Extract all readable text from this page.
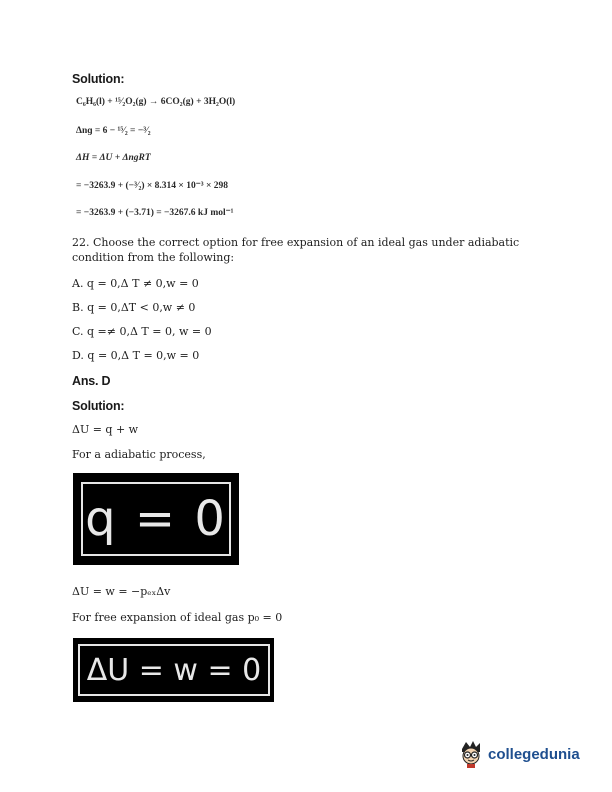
Solution:
C₆H₆(l) + ¹⁵⁄₂O₂(g) → 6CO₂(g) + 3H₂O(l)
Δnɡ = 6 − ¹⁵⁄₂ = −³⁄₂
ΔH = ΔU + ΔnɡRT
= −3263.9 + (−³⁄₂) × 8.314 × 10⁻³ × 298
= −3263.9 + (−3.71) = −3267.6 kJ mol⁻¹
22. Choose the correct option for free expansion of an ideal gas under adiabatic
condition from the following:
A. q = 0,Δ T ≠ 0,w = 0
B. q = 0,ΔT < 0,w ≠ 0
C. q =≠ 0,Δ T = 0, w = 0
D. q = 0,Δ T = 0,w = 0
Ans. D
Solution:
ΔU = q + w
For a adiabatic process,
q = 0
ΔU = w = −pₑₓΔv
For free expansion of ideal gas p₀ = 0
ΔU = w = 0
collegedunia
